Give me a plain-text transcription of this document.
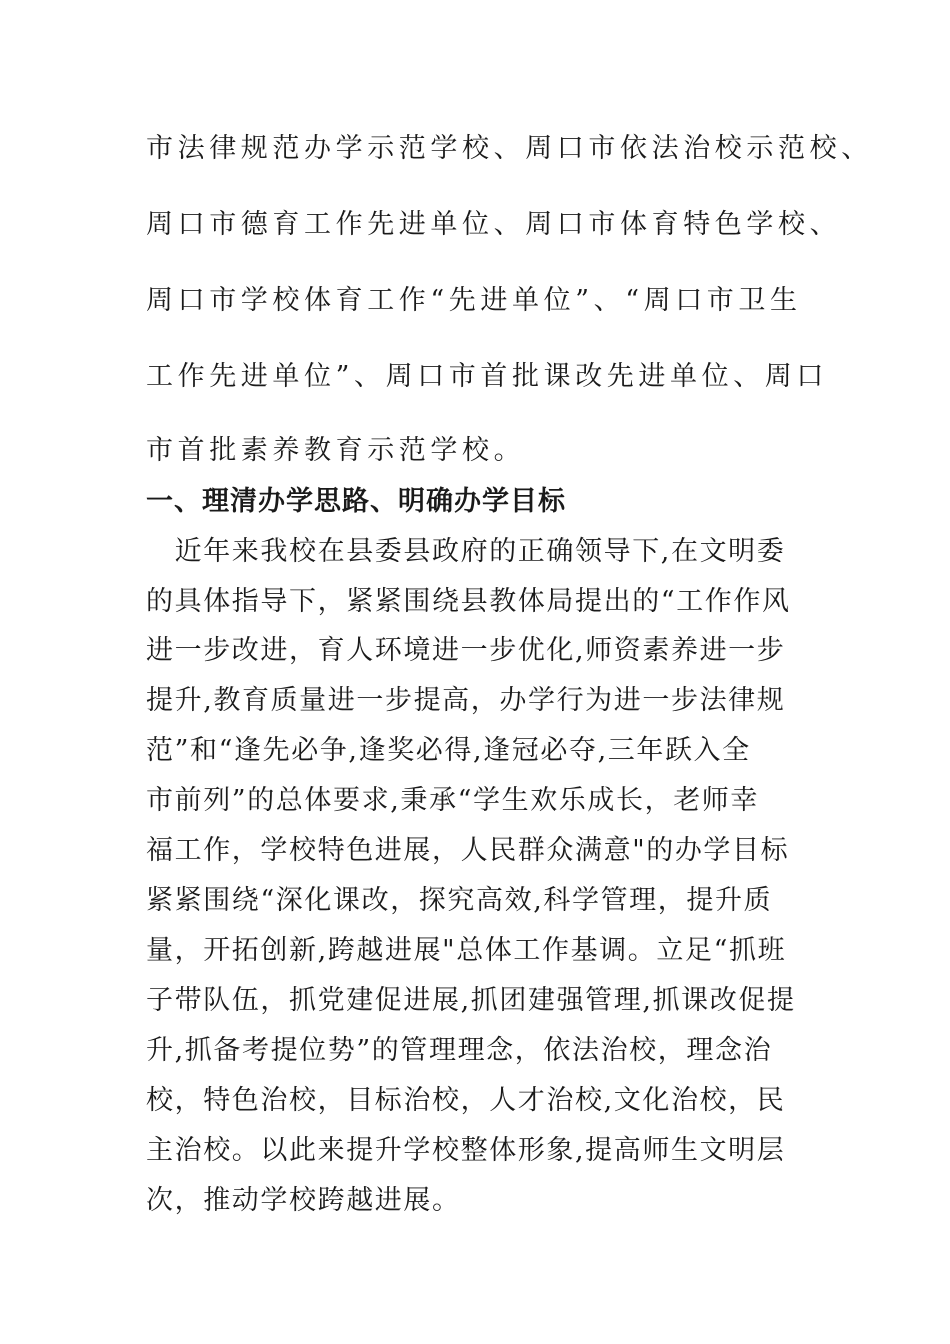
市法律规范办学示范学校、周口市依法治校示范校、
周口市德育工作先进单位、周口市体育特色学校、
周口市学校体育工作“先进单位”、“周口市卫生
工作先进单位”、周口市首批课改先进单位、周口
市首批素养教育示范学校。
一、理清办学思路、明确办学目标
　近年来我校在县委县政府的正确领导下,在文明委
的具体指导下，紧紧围绕县教体局提出的“工作作风
进一步改进，育人环境进一步优化,师资素养进一步
提升,教育质量进一步提高，办学行为进一步法律规
范”和“逢先必争,逢奖必得,逢冠必夺,三年跃入全
市前列”的总体要求,秉承“学生欢乐成长，老师幸
福工作，学校特色进展，人民群众满意"的办学目标
紧紧围绕“深化课改，探究高效,科学管理，提升质
量，开拓创新,跨越进展"总体工作基调。立足“抓班
子带队伍，抓党建促进展,抓团建强管理,抓课改促提
升,抓备考提位势”的管理理念，依法治校，理念治
校，特色治校，目标治校，人才治校,文化治校，民
主治校。以此来提升学校整体形象,提高师生文明层
次，推动学校跨越进展。
